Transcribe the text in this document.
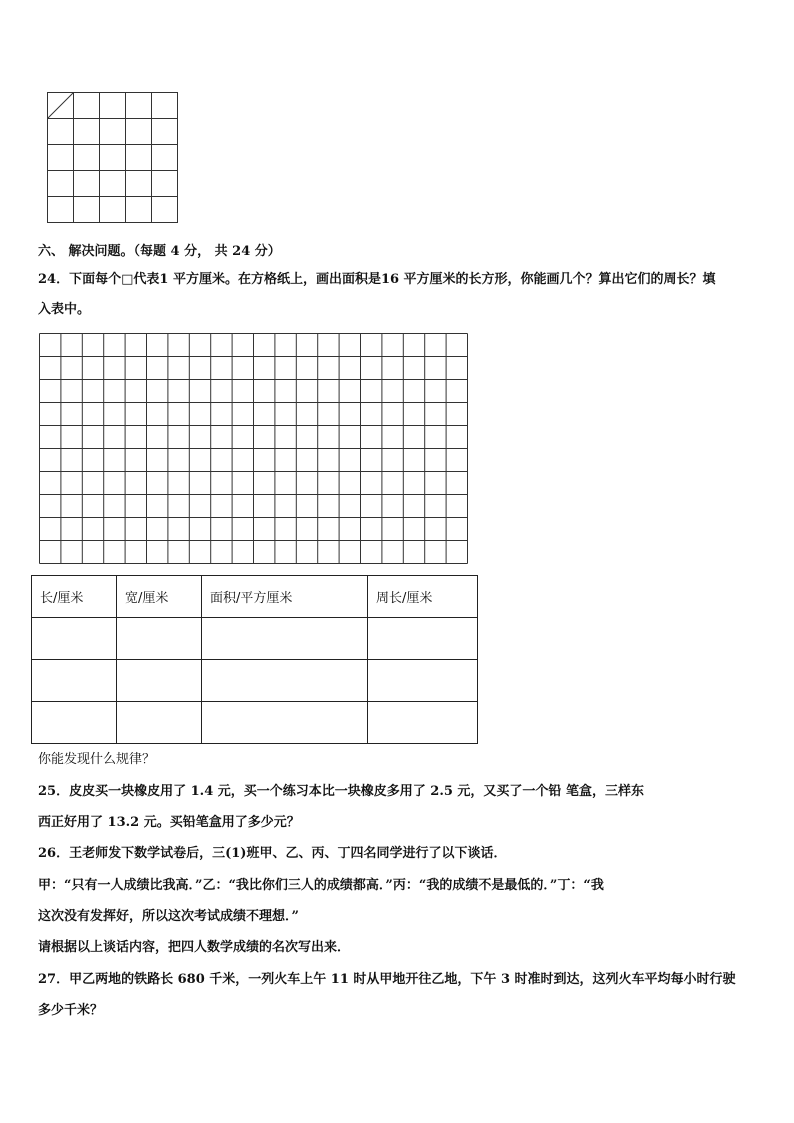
六、 解决问题。（每题 4 分， 共 24 分）
24．下面每个□代表1 平方厘米。在方格纸上，画出面积是16 平方厘米的长方形，你能画几个？算出它们的周长？填
入表中。
长/厘米	宽/厘米	面积/平方厘米	周长/厘米

你能发现什么规律？
25．皮皮买一块橡皮用了 1.4 元，买一个练习本比一块橡皮多用了 2.5 元，又买了一个铅 笔盒，三样东
西正好用了 13.2 元。买铅笔盒用了多少元？
26．王老师发下数学试卷后，三(1)班甲、乙、丙、丁四名同学进行了以下谈话．
甲：“只有一人成绩比我高．”乙：“我比你们三人的成绩都高．”丙：“我的成绩不是最低的．”丁：“我
这次没有发挥好，所以这次考试成绩不理想．”
请根据以上谈话内容，把四人数学成绩的名次写出来．
27．甲乙两地的铁路长 680 千米，一列火车上午 11 时从甲地开往乙地，下午 3 时准时到达，这列火车平均每小时行驶
多少千米？
